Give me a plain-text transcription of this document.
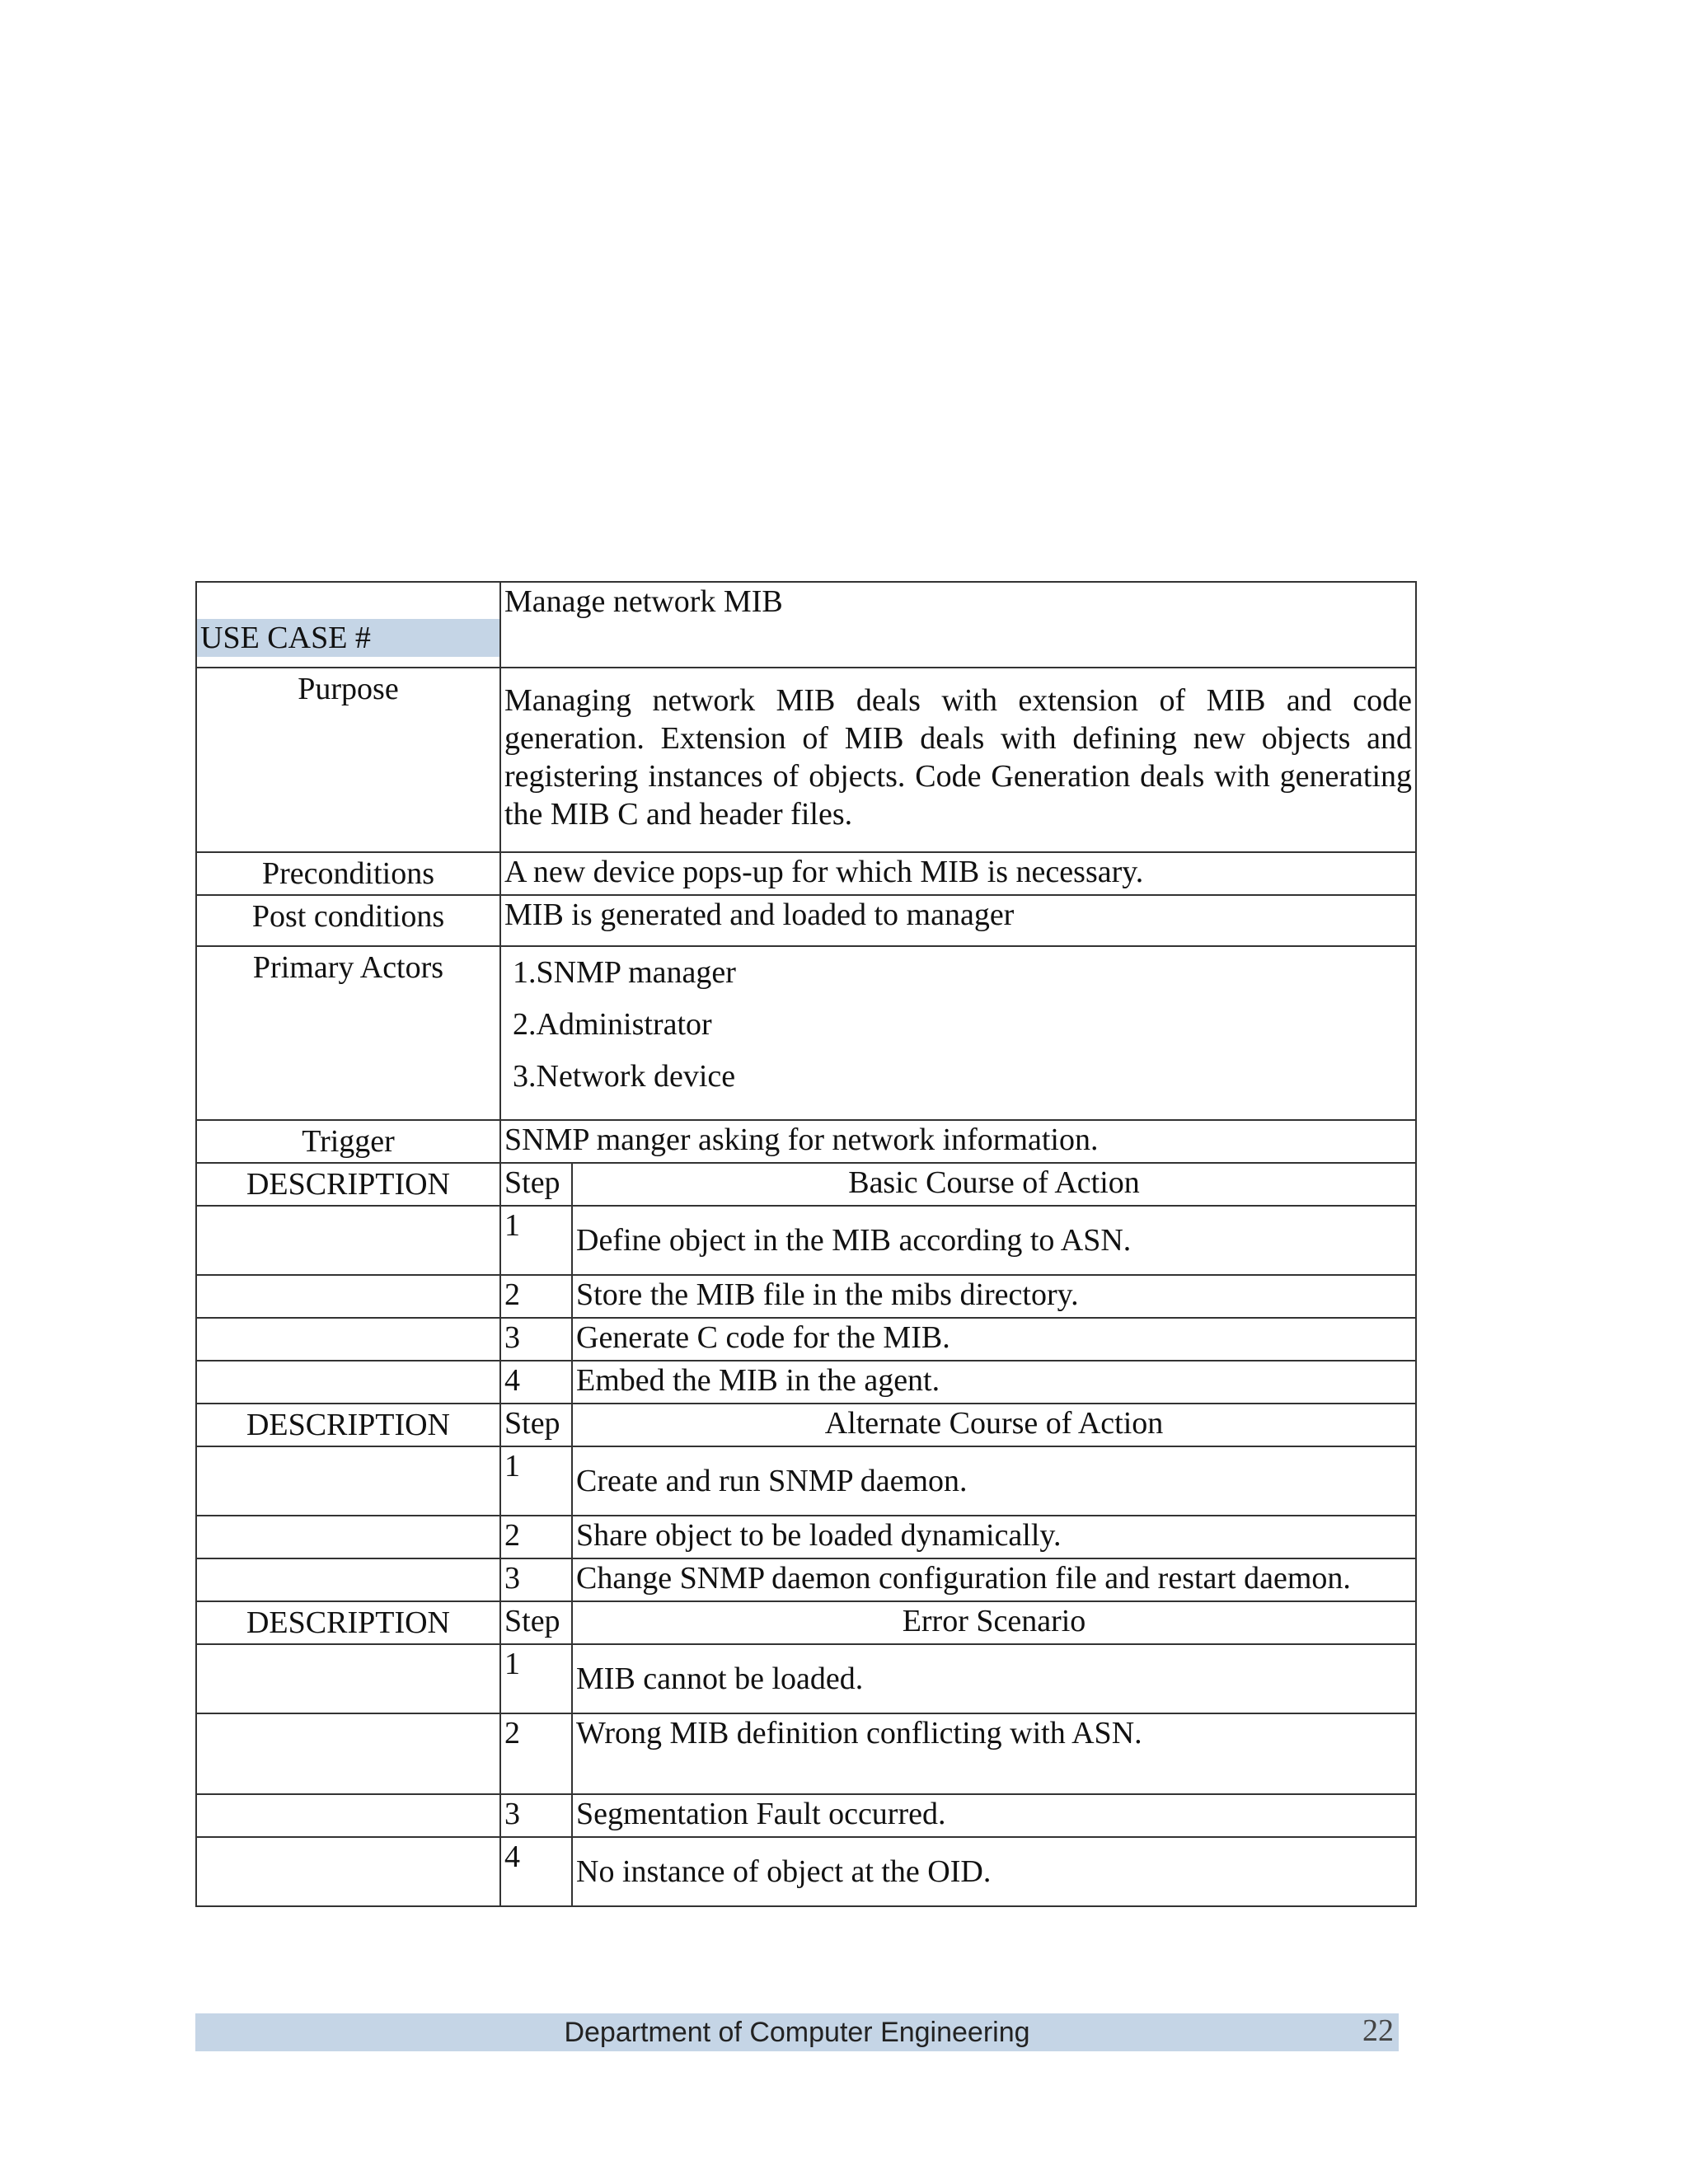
USE CASE #	Manage network MIB	
Purpose	Managing network MIB deals with extension of MIB and code generation. Extension of MIB deals with defining new objects and registering instances of objects. Code Generation deals with generating the MIB C and header files.	

Preconditions	A new device pops-up for which MIB is necessary.	
Post conditions	MIB is generated and loaded to manager	
Primary Actors	1.SNMP manager
2.Administrator
3.Network device	

Trigger	SNMP manger asking for network information.	
DESCRIPTION	Step	Basic Course of Action
	1	Define object in the MIB according to ASN.

	2	Store the MIB file in the mibs directory.
	3	Generate C code for the MIB.
	4	Embed the MIB in the agent.
DESCRIPTION	Step	Alternate Course of Action
	1	Create and run SNMP daemon.

	2	Share object to be loaded dynamically.
	3	Change SNMP daemon configuration file and restart daemon.
DESCRIPTION	Step	Error Scenario
	1	MIB cannot be loaded.

	2	Wrong MIB definition conflicting with ASN.
	3	Segmentation Fault occurred.
	4	No instance of object at the OID.
Department of Computer Engineering	22
